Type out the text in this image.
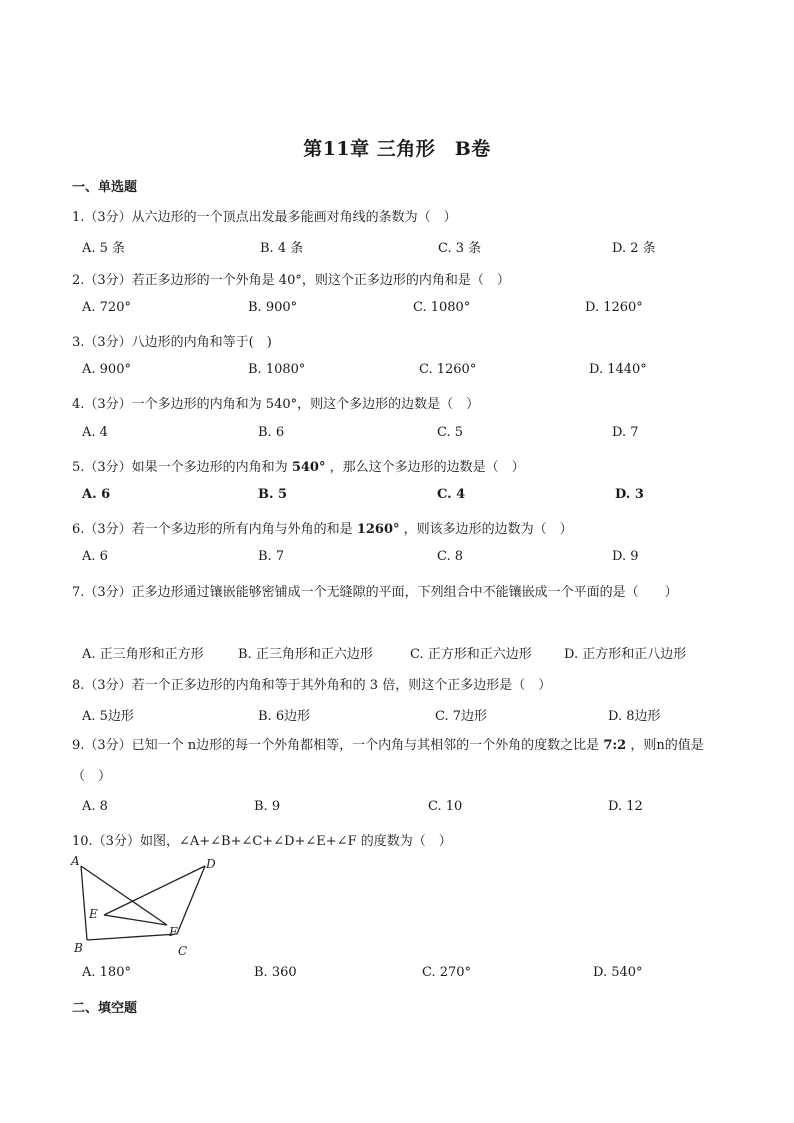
第11章 三角形　B卷
一、单选题
1.（3分）从六边形的一个顶点出发最多能画对角线的条数为（　）
A. 5 条	B. 4 条	C. 3 条	D. 2 条
2.（3分）若正多边形的一个外角是 40°，则这个正多边形的内角和是（　）
A. 720°	B. 900°	C. 1080°	D. 1260°
3.（3分）八边形的内角和等于(　)
A. 900°	B. 1080°	C. 1260°	D. 1440°
4.（3分）一个多边形的内角和为 540°，则这个多边形的边数是（　）
A. 4	B. 6	C. 5	D. 7
5.（3分）如果一个多边形的内角和为 540° ，那么这个多边形的边数是（　）
A. 6	B. 5	C. 4	D. 3
6.（3分）若一个多边形的所有内角与外角的和是 1260° ，则该多边形的边数为（　）
A. 6	B. 7	C. 8	D. 9
7.（3分）正多边形通过镶嵌能够密铺成一个无缝隙的平面，下列组合中不能镶嵌成一个平面的是（　　）
A. 正三角形和正方形	B. 正三角形和正六边形	C. 正方形和正六边形 D. 正方形和正八边形
8.（3分）若一个正多边形的内角和等于其外角和的 3 倍，则这个正多边形是（　）
A. 5边形	B. 6边形	C. 7边形	D. 8边形
9.（3分）已知一个 n边形的每一个外角都相等，一个内角与其相邻的一个外角的度数之比是 7:2 ，则n的值是（　）
A. 8	B. 9	C. 10	D. 12
10.（3分）如图，∠A+∠B+∠C+∠D+∠E+∠F 的度数为（　）
A
B	C
D
E
F
A. 180°	B. 360	C. 270°	D. 540°
二、填空题
